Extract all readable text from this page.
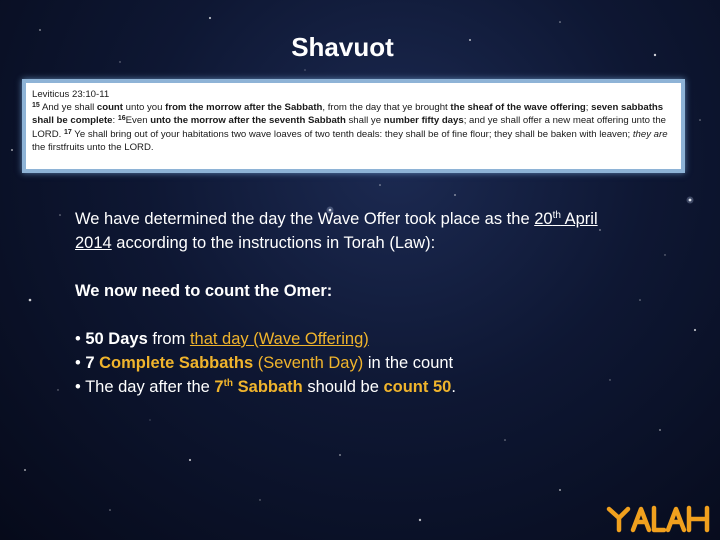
Shavuot
Leviticus 23:10-11
$^{15}$ And ye shall count unto you from the morrow after the Sabbath, from the day that ye brought the sheaf of the wave offering; seven sabbaths shall be complete: $^{16}$Even unto the morrow after the seventh Sabbath shall ye number fifty days; and ye shall offer a new meat offering unto the LORD. $^{17}$ Ye shall bring out of your habitations two wave loaves of two tenth deals: they shall be of fine flour; they shall be baken with leaven; they are the firstfruits unto the LORD.

We have determined the day the Wave Offer took place as the 20th April 2014 according to the instructions in Torah (Law):

We now need to count the Omer:

• 50 Days from that day (Wave Offering)

• 7 Complete Sabbaths (Seventh Day) in the count

• The day after the 7th Sabbath should be count 50.
